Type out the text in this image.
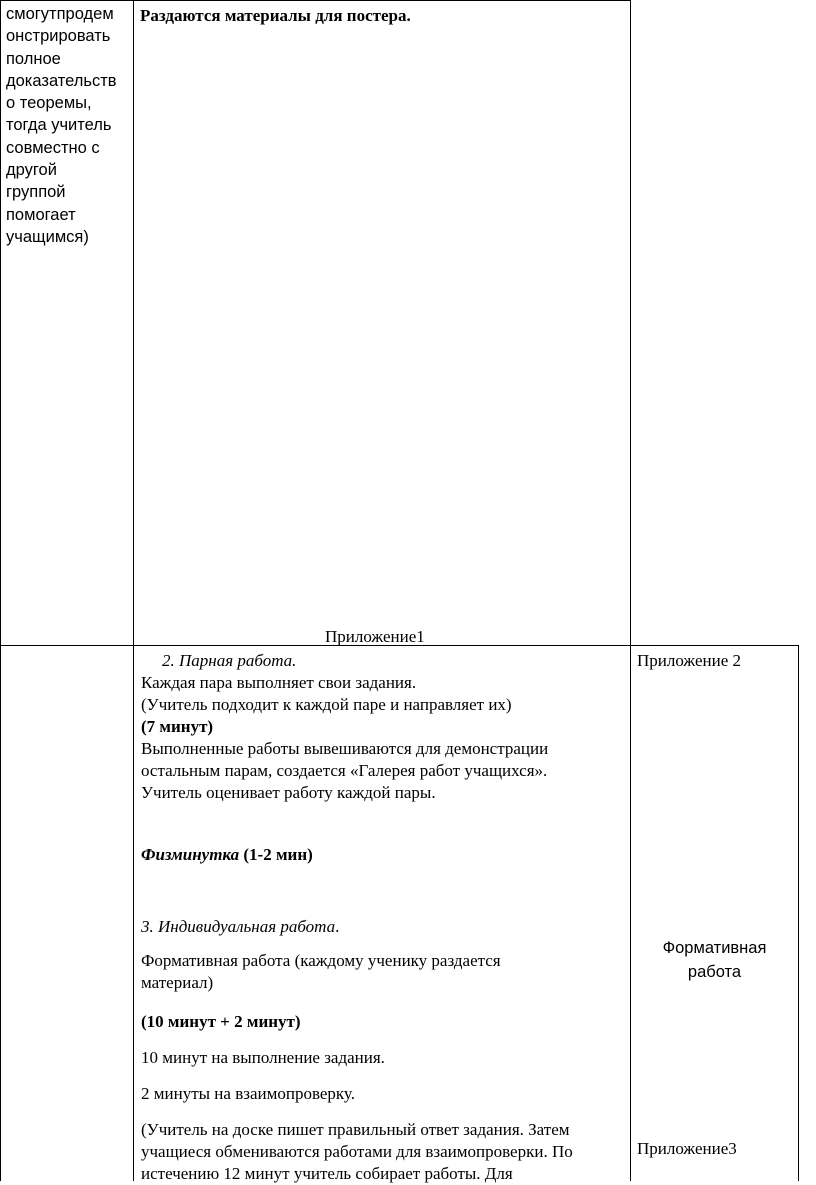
смогутпродем
онстрировать
полное
доказательств
о теоремы,
тогда учитель
совместно с
другой
группой
помогает
учащимся)

Раздаются материалы для постера.

Приложение1

2. Парная работа.

Каждая пара выполняет свои задания.
(Учитель подходит к каждой паре и направляет их)

(7 минут)

Выполненные работы вывешиваются для демонстрации
остальным парам, создается «Галерея работ учащихся».
Учитель оценивает работу каждой пары.

Физминутка (1-2 мин)

3. Индивидуальная работа.

Формативная работа (каждому ученику раздается
материал)

(10 минут + 2 минут)

10 минут на выполнение задания.

2 минуты на взаимопроверку.

(Учитель на доске пишет правильный ответ задания. Затем
учащиеся обмениваются работами для взаимопроверки. По
истечению 12 минут учитель собирает работы. Для

Приложение 2

Формативная
работа

Приложение3
